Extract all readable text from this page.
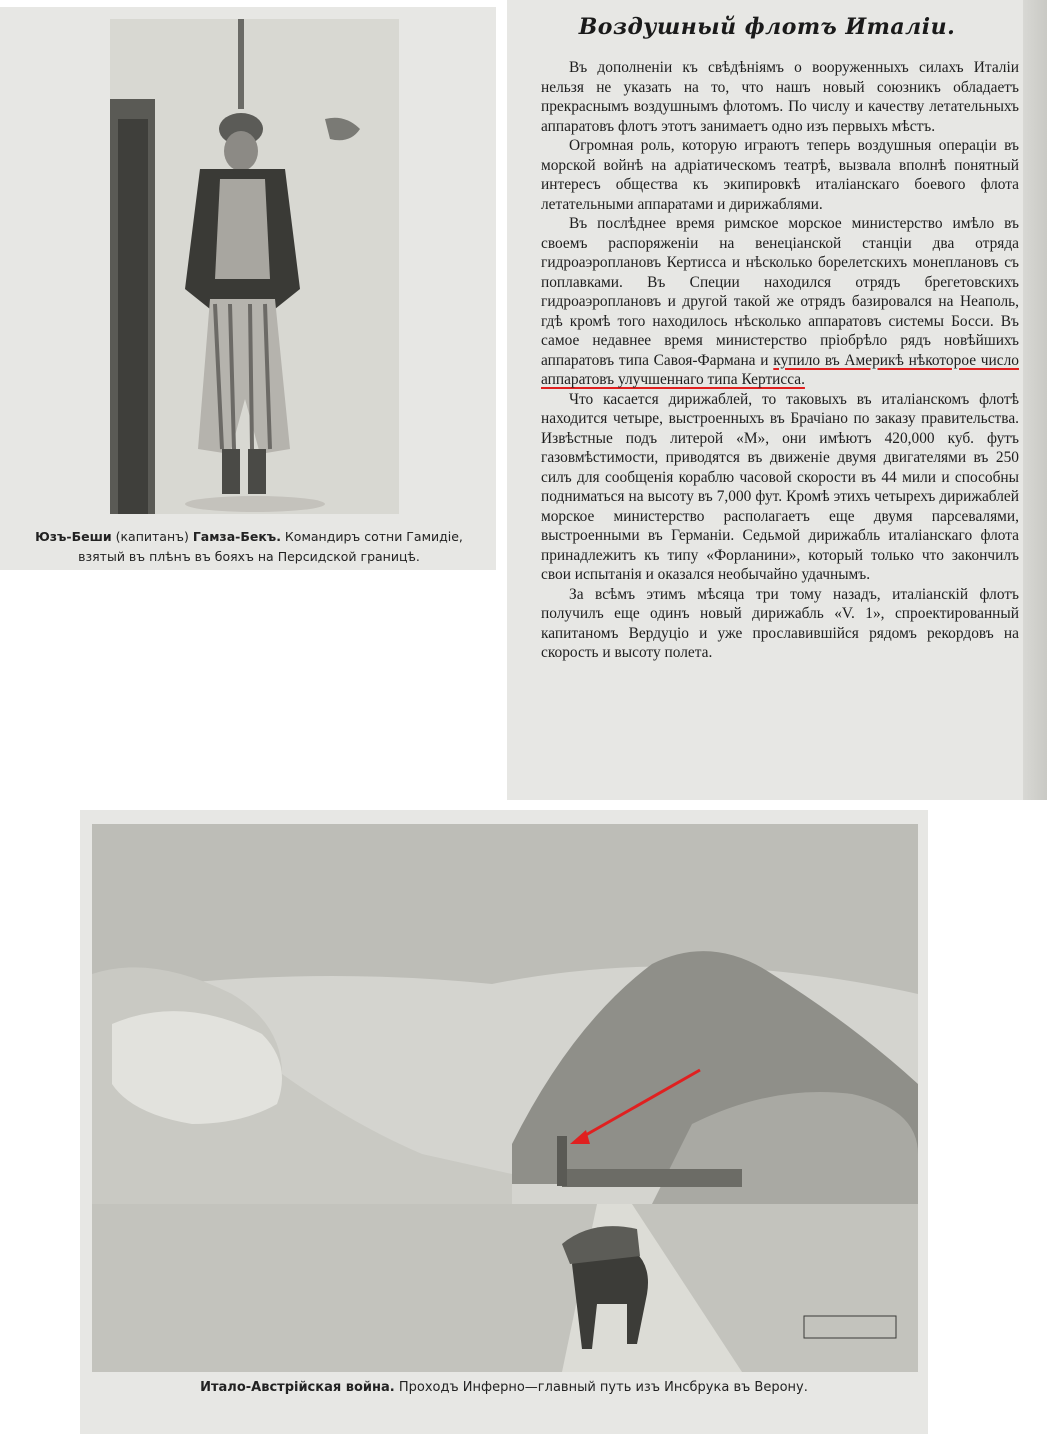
Юзъ-Беши (капитанъ) Гамза-Бекъ. Командиръ сотни Гамидіе, взятый въ плѣнъ въ бояхъ на Персидской границѣ.
Воздушный флотъ Италіи.

Въ дополненіи къ свѣдѣніямъ о вооруженныхъ силахъ Италіи нельзя не указать на то, что нашъ новый союзникъ обладаетъ прекраснымъ воздушнымъ флотомъ. По числу и качеству летательныхъ аппаратовъ флотъ этотъ занимаетъ одно изъ первыхъ мѣстъ.

Огромная роль, которую играютъ теперь воздушныя операціи въ морской войнѣ на адріатическомъ театрѣ, вызвала вполнѣ понятный интересъ общества къ экипировкѣ италіанскаго боевого флота летательными аппаратами и дирижаблями.

Въ послѣднее время римское морское министерство имѣло въ своемъ распоряженіи на венеціанской станціи два отряда гидроаэроплановъ Кертисса и нѣсколько борелетскихъ монеплановъ съ поплавками. Въ Специи находился отрядъ брегетовскихъ гидроаэроплановъ и другой такой же отрядъ базировался на Неаполь, гдѣ кромѣ того находилось нѣсколько аппаратовъ системы Босси. Въ самое недавнее время министерство пріобрѣло рядъ новѣйшихъ аппаратовъ типа Савоя-Фармана и купило въ Америкѣ нѣкоторое число аппаратовъ улучшеннаго типа Кертисса.

Что касается дирижаблей, то таковыхъ въ италіанскомъ флотѣ находится четыре, выстроенныхъ въ Брачіано по заказу правительства. Извѣстные подъ литерой «М», они имѣютъ 420,000 куб. футъ газовмѣстимости, приводятся въ движеніе двумя двигателями въ 250 силъ для сообщенія кораблю часовой скорости въ 44 мили и способны подниматься на высоту въ 7,000 фут. Кромѣ этихъ четырехъ дирижаблей морское министерство располагаетъ еще двумя парсевалями, выстроенными въ Германіи. Седьмой дирижабль италіанскаго флота принадлежитъ къ типу «Форланини», который только что закончилъ свои испытанія и оказался необычайно удачнымъ.

За всѣмъ этимъ мѣсяца три тому назадъ, италіанскій флотъ получилъ еще одинъ новый дирижабль «V. 1», спроектированный капитаномъ Вердуціо и уже прославившійся рядомъ рекордовъ на скорость и высоту полета.

Итало-Австрійская война. Проходъ Инферно—главный путь изъ Инсбрука въ Верону.
